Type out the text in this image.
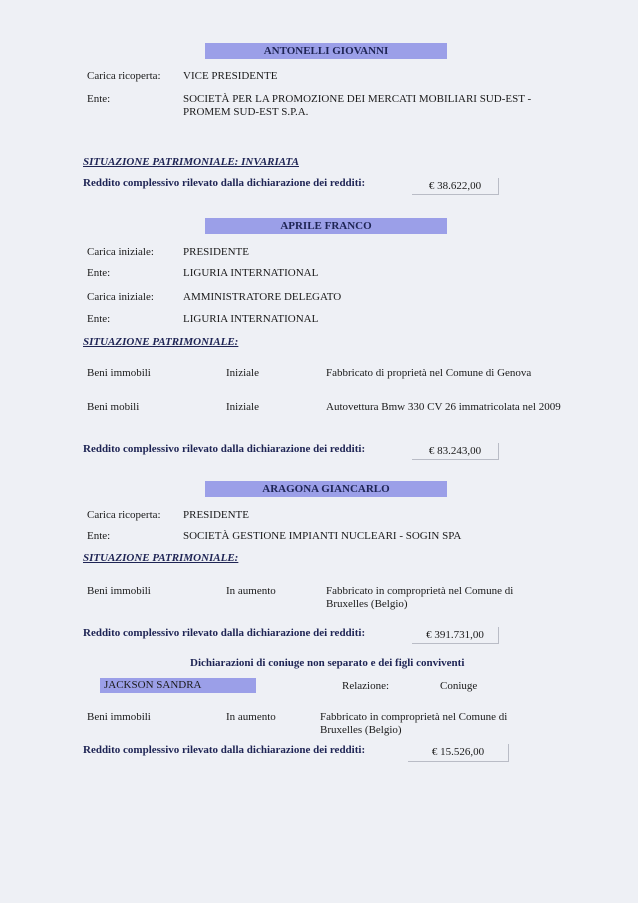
ANTONELLI GIOVANNI
Carica ricoperta: VICE PRESIDENTE
Ente:	SOCIETÀ PER LA PROMOZIONE DEI MERCATI MOBILIARI SUD-EST - PROMEM SUD-EST S.P.A.
SITUAZIONE PATRIMONIALE: INVARIATA
Reddito complessivo rilevato dalla dichiarazione dei redditi:	€ 38.622,00
APRILE FRANCO
Carica iniziale:	PRESIDENTE
Ente:	LIGURIA INTERNATIONAL
Carica iniziale:	AMMINISTRATORE DELEGATO
Ente:	LIGURIA INTERNATIONAL
SITUAZIONE PATRIMONIALE:
Beni immobili	Iniziale	Fabbricato di proprietà nel Comune di Genova
Beni mobili	Iniziale	Autovettura Bmw 330 CV 26 immatricolata nel 2009
Reddito complessivo rilevato dalla dichiarazione dei redditi:	€ 83.243,00
ARAGONA GIANCARLO
Carica ricoperta: PRESIDENTE
Ente:	SOCIETÀ GESTIONE IMPIANTI NUCLEARI - SOGIN SPA
SITUAZIONE PATRIMONIALE:
Beni immobili	In aumento	Fabbricato in comproprietà nel Comune di Bruxelles (Belgio)
Reddito complessivo rilevato dalla dichiarazione dei redditi:	€ 391.731,00
Dichiarazioni di coniuge non separato e dei figli conviventi
JACKSON SANDRA	Relazione:	Coniuge
Beni immobili	In aumento	Fabbricato in comproprietà nel Comune di Bruxelles (Belgio)
Reddito complessivo rilevato dalla dichiarazione dei redditi:	€ 15.526,00
